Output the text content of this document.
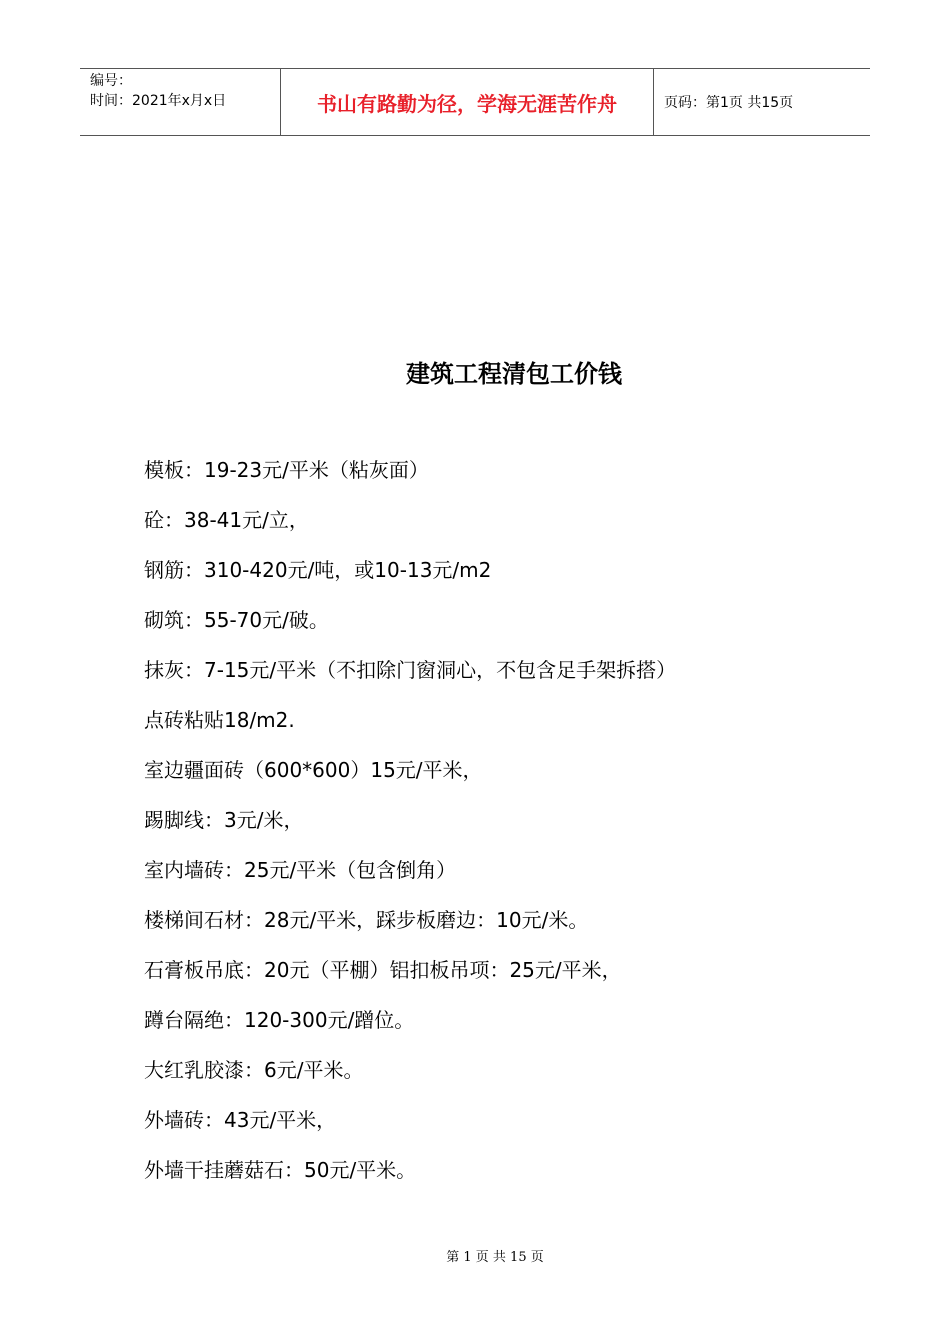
编号：
时间：2021年x月x日	书山有路勤为径，学海无涯苦作舟	页码：第1页 共15页
建筑工程清包工价钱
模板：19-23元/平米（粘灰面）
砼：38-41元/立，
钢筋：310-420元/吨，或10-13元/m2
砌筑：55-70元/破。
抹灰：7-15元/平米（不扣除门窗洞心，不包含足手架拆搭）
点砖粘贴18/m2.
室边疆面砖（600*600）15元/平米，
踢脚线：3元/米，
室内墙砖：25元/平米（包含倒角）
楼梯间石材：28元/平米，踩步板磨边：10元/米。
石膏板吊底：20元（平棚）铝扣板吊项：25元/平米，
蹲台隔绝：120-300元/蹭位。
大红乳胶漆：6元/平米。
外墙砖：43元/平米，
外墙干挂蘑菇石：50元/平米。
第 1 页 共 15 页
